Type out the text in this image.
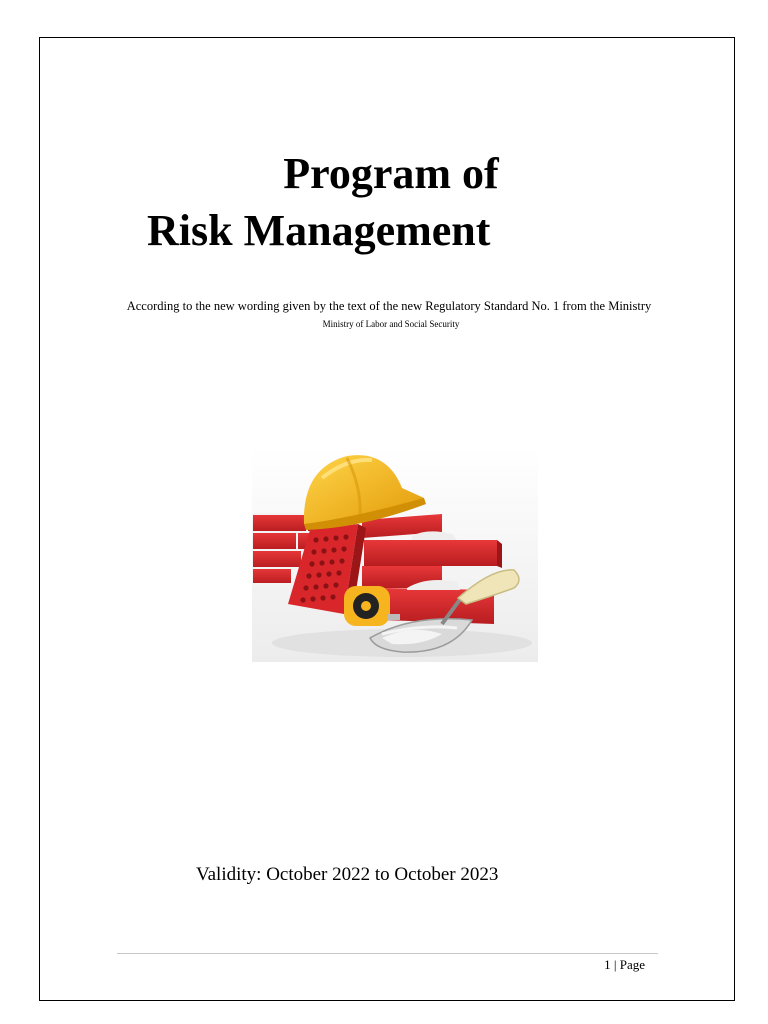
Program of
Risk Management
According to the new wording given by the text of the new Regulatory Standard No. 1 from the Ministry
Ministry of Labor and Social Security
Validity: October 2022 to October 2023
1 | Page
